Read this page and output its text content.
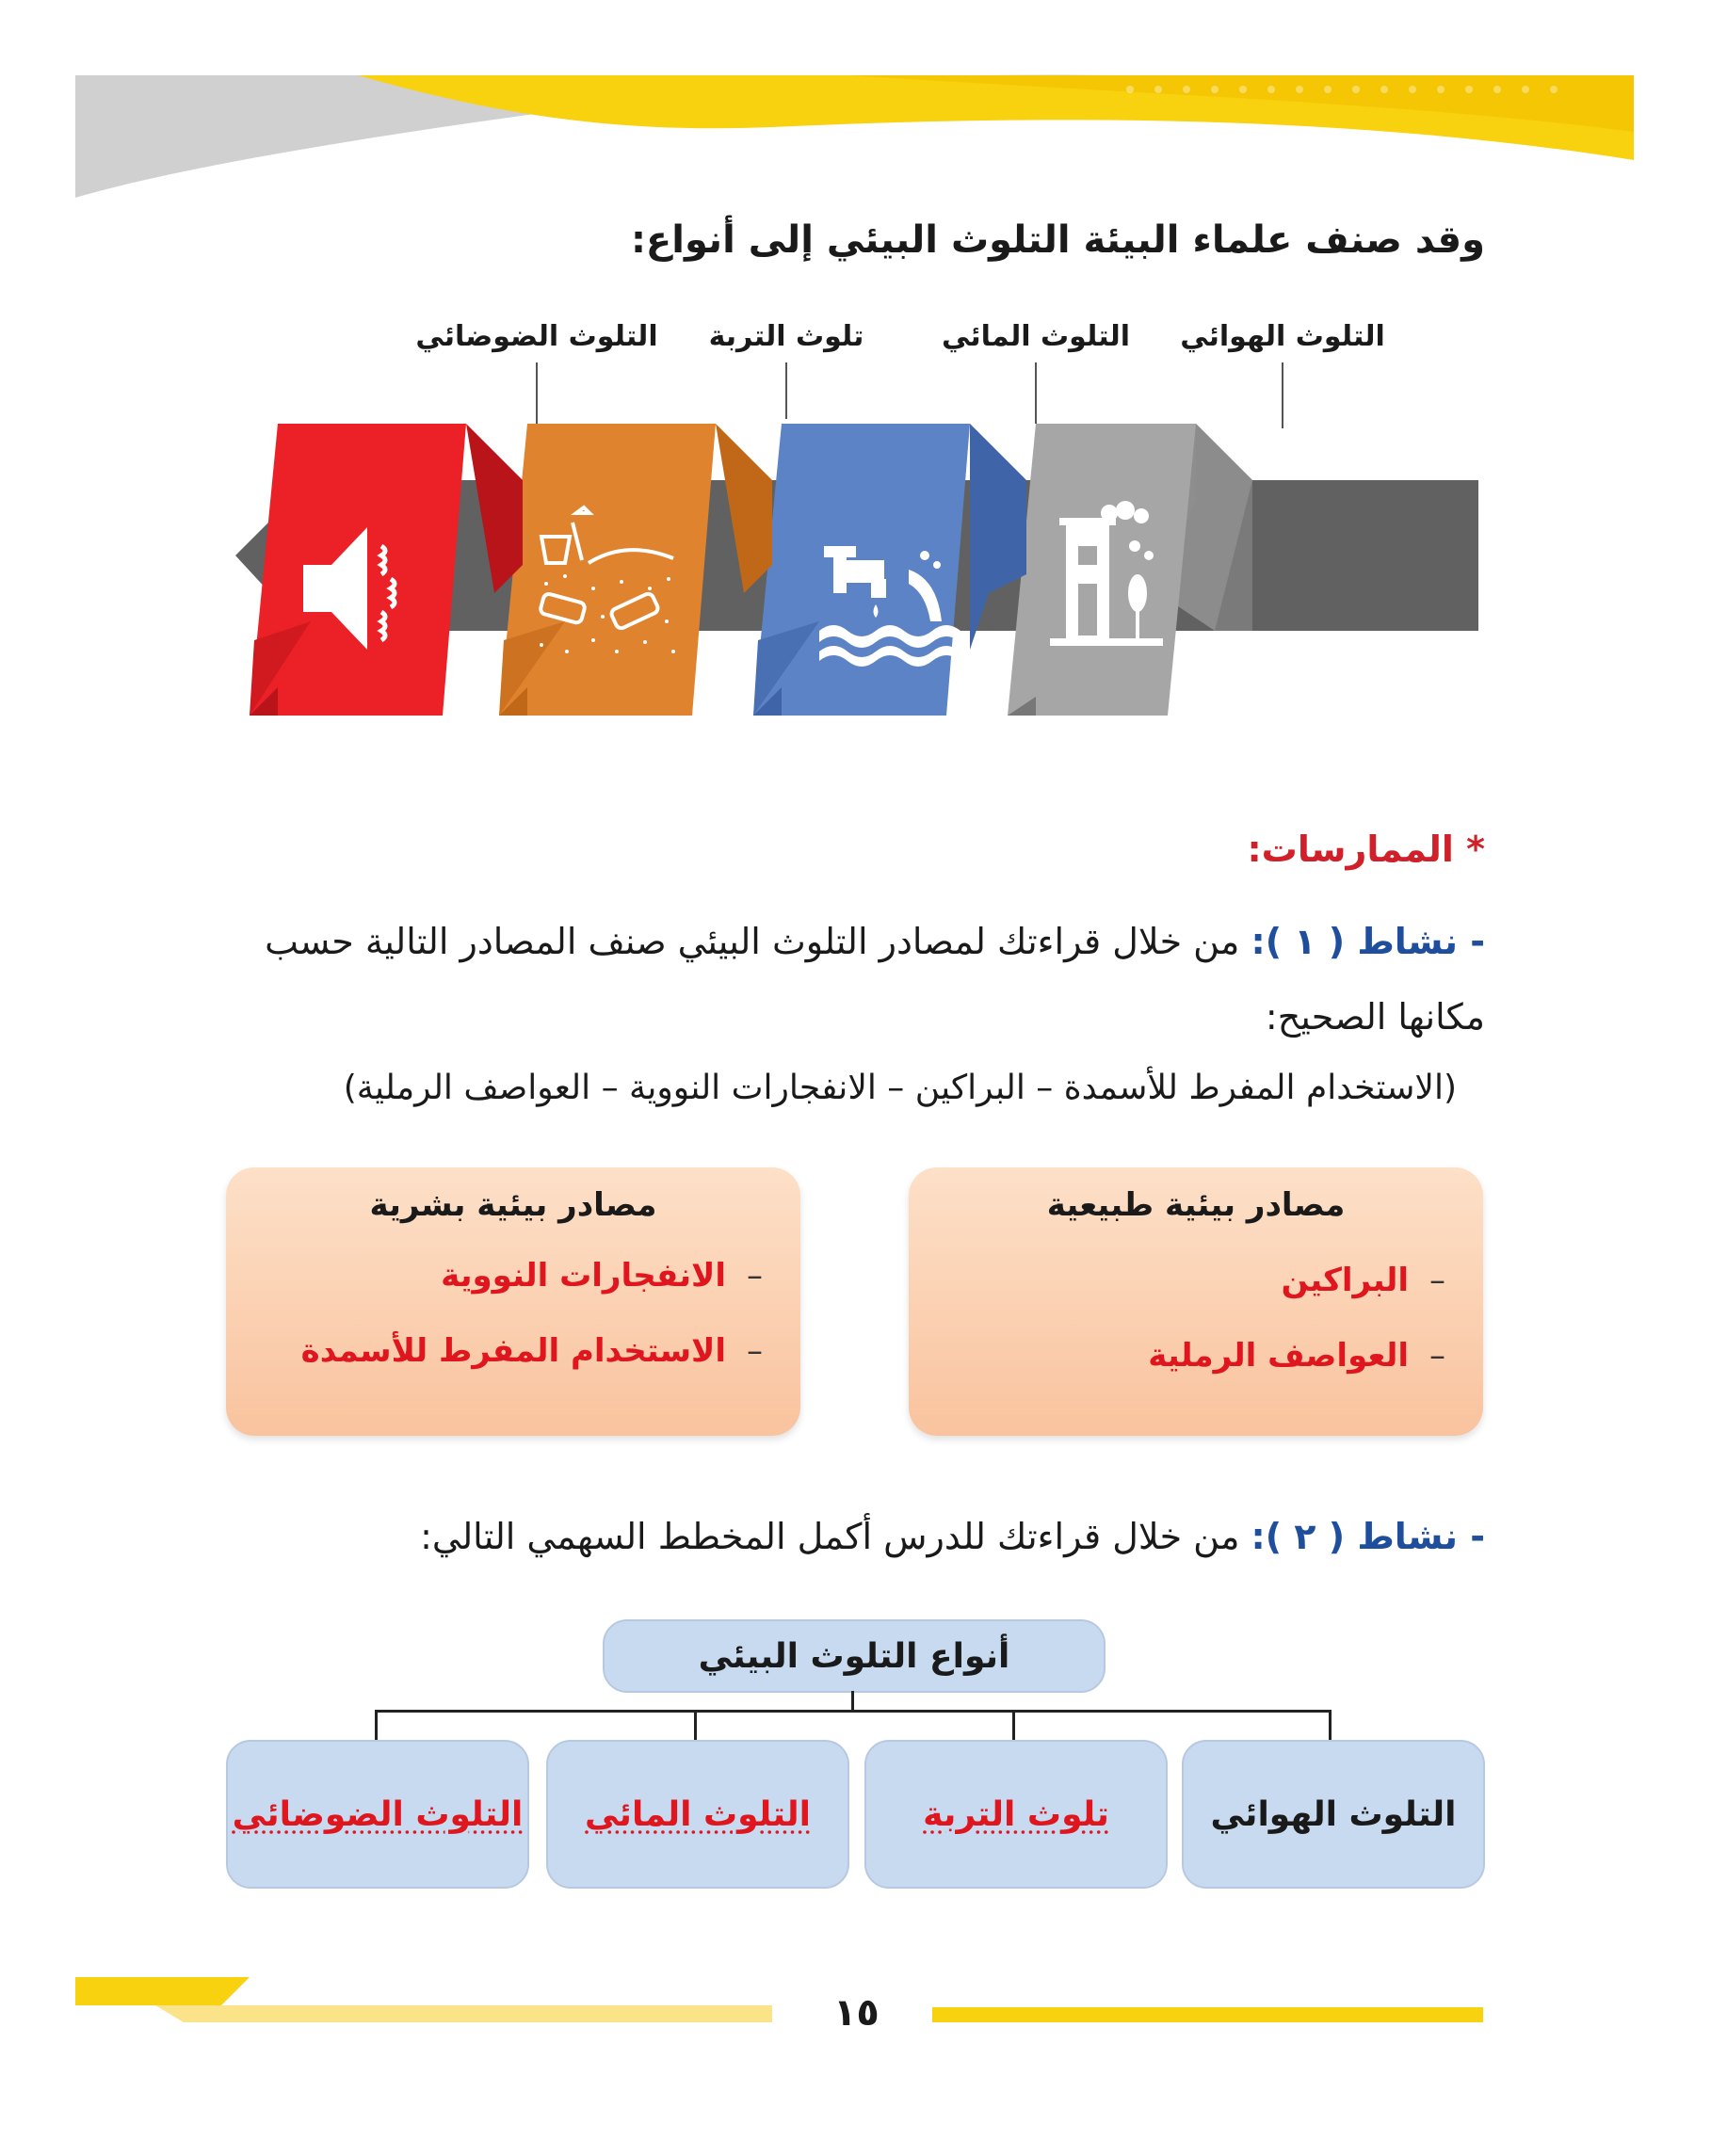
وقد صنف علماء البيئة التلوث البيئي إلى أنواع:
التلوث الهوائي
التلوث المائي
تلوث التربة
التلوث الضوضائي
* الممارسات:
- نشاط ( ١ ): من خلال قراءتك لمصادر التلوث البيئي صنف المصادر التالية حسب مكانها الصحيح:
(الاستخدام المفرط للأسمدة – البراكين – الانفجارات النووية – العواصف الرملية)
مصادر بيئية طبيعية
–البراكين
–العواصف الرملية
مصادر بيئية بشرية
–الانفجارات النووية
–الاستخدام المفرط للأسمدة
- نشاط ( ٢ ): من خلال قراءتك للدرس أكمل المخطط السهمي التالي:
أنواع التلوث البيئي
التلوث الهوائي
تلوث التربة
التلوث المائي
التلوث الضوضائي
١٥
